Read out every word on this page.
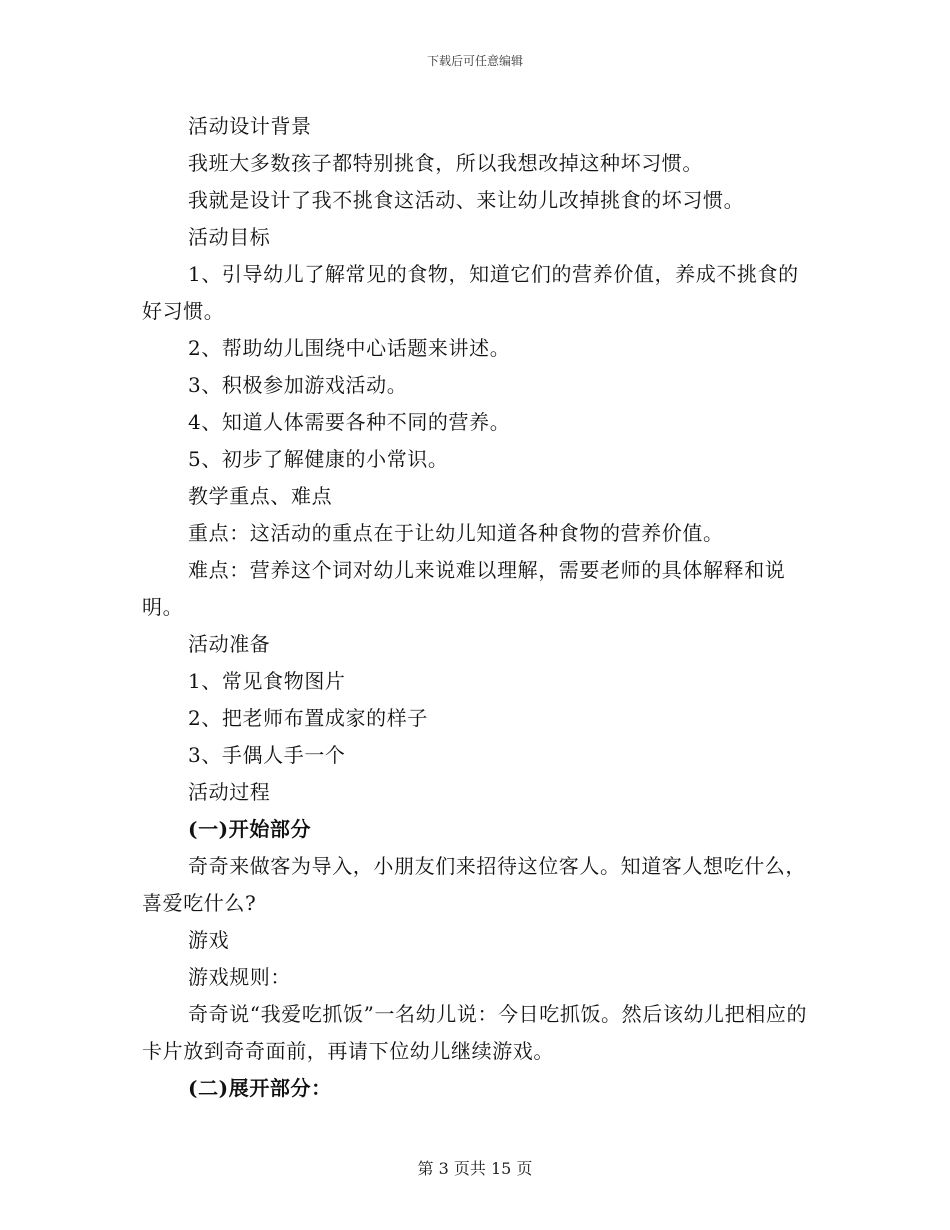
下载后可任意编辑

活动设计背景

我班大多数孩子都特别挑食，所以我想改掉这种坏习惯。

我就是设计了我不挑食这活动、来让幼儿改掉挑食的坏习惯。

活动目标

1、引导幼儿了解常见的食物，知道它们的营养价值，养成不挑食的好习惯。

2、帮助幼儿围绕中心话题来讲述。

3、积极参加游戏活动。

4、知道人体需要各种不同的营养。

5、初步了解健康的小常识。

教学重点、难点

重点：这活动的重点在于让幼儿知道各种食物的营养价值。

难点：营养这个词对幼儿来说难以理解，需要老师的具体解释和说明。

活动准备

1、常见食物图片

2、把老师布置成家的样子

3、手偶人手一个

活动过程

(一)开始部分

奇奇来做客为导入，小朋友们来招待这位客人。知道客人想吃什么，喜爱吃什么?

游戏

游戏规则：

奇奇说“我爱吃抓饭”一名幼儿说：今日吃抓饭。然后该幼儿把相应的卡片放到奇奇面前，再请下位幼儿继续游戏。

(二)展开部分：

第 3 页共 15 页
